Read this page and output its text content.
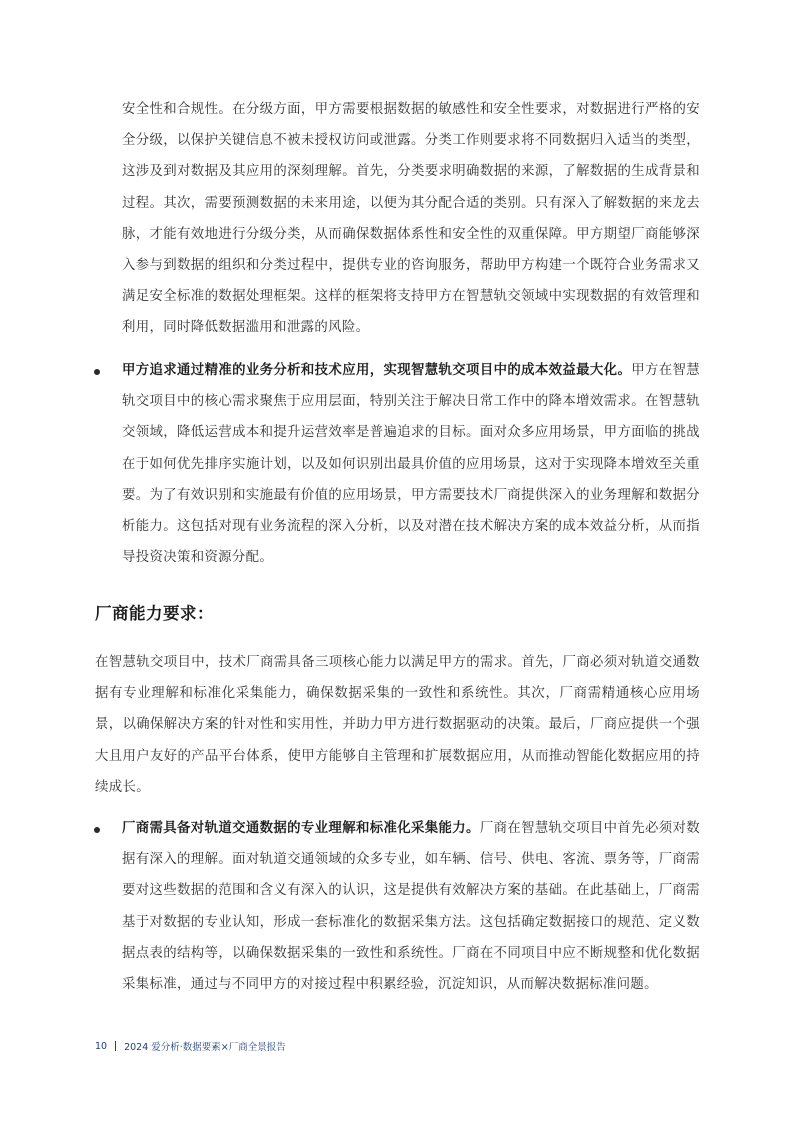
安全性和合规性。在分级方面，甲方需要根据数据的敏感性和安全性要求，对数据进行严格的安全分级，以保护关键信息不被未授权访问或泄露。分类工作则要求将不同数据归入适当的类型，这涉及到对数据及其应用的深刻理解。首先，分类要求明确数据的来源，了解数据的生成背景和过程。其次，需要预测数据的未来用途，以便为其分配合适的类别。只有深入了解数据的来龙去脉，才能有效地进行分级分类，从而确保数据体系性和安全性的双重保障。甲方期望厂商能够深入参与到数据的组织和分类过程中，提供专业的咨询服务，帮助甲方构建一个既符合业务需求又满足安全标准的数据处理框架。这样的框架将支持甲方在智慧轨交领域中实现数据的有效管理和利用，同时降低数据滥用和泄露的风险。

甲方追求通过精准的业务分析和技术应用，实现智慧轨交项目中的成本效益最大化。甲方在智慧轨交项目中的核心需求聚焦于应用层面，特别关注于解决日常工作中的降本增效需求。在智慧轨交领域，降低运营成本和提升运营效率是普遍追求的目标。面对众多应用场景，甲方面临的挑战在于如何优先排序实施计划，以及如何识别出最具价值的应用场景，这对于实现降本增效至关重要。为了有效识别和实施最有价值的应用场景，甲方需要技术厂商提供深入的业务理解和数据分析能力。这包括对现有业务流程的深入分析，以及对潜在技术解决方案的成本效益分析，从而指导投资决策和资源分配。

厂商能力要求：

在智慧轨交项目中，技术厂商需具备三项核心能力以满足甲方的需求。首先，厂商必须对轨道交通数据有专业理解和标准化采集能力，确保数据采集的一致性和系统性。其次，厂商需精通核心应用场景，以确保解决方案的针对性和实用性，并助力甲方进行数据驱动的决策。最后，厂商应提供一个强大且用户友好的产品平台体系，使甲方能够自主管理和扩展数据应用，从而推动智能化数据应用的持续成长。

厂商需具备对轨道交通数据的专业理解和标准化采集能力。厂商在智慧轨交项目中首先必须对数据有深入的理解。面对轨道交通领域的众多专业，如车辆、信号、供电、客流、票务等，厂商需要对这些数据的范围和含义有深入的认识，这是提供有效解决方案的基础。在此基础上，厂商需基于对数据的专业认知，形成一套标准化的数据采集方法。这包括确定数据接口的规范、定义数据点表的结构等，以确保数据采集的一致性和系统性。厂商在不同项目中应不断规整和优化数据采集标准，通过与不同甲方的对接过程中积累经验，沉淀知识，从而解决数据标准问题。

10 2024 爱分析·数据要素×厂商全景报告
